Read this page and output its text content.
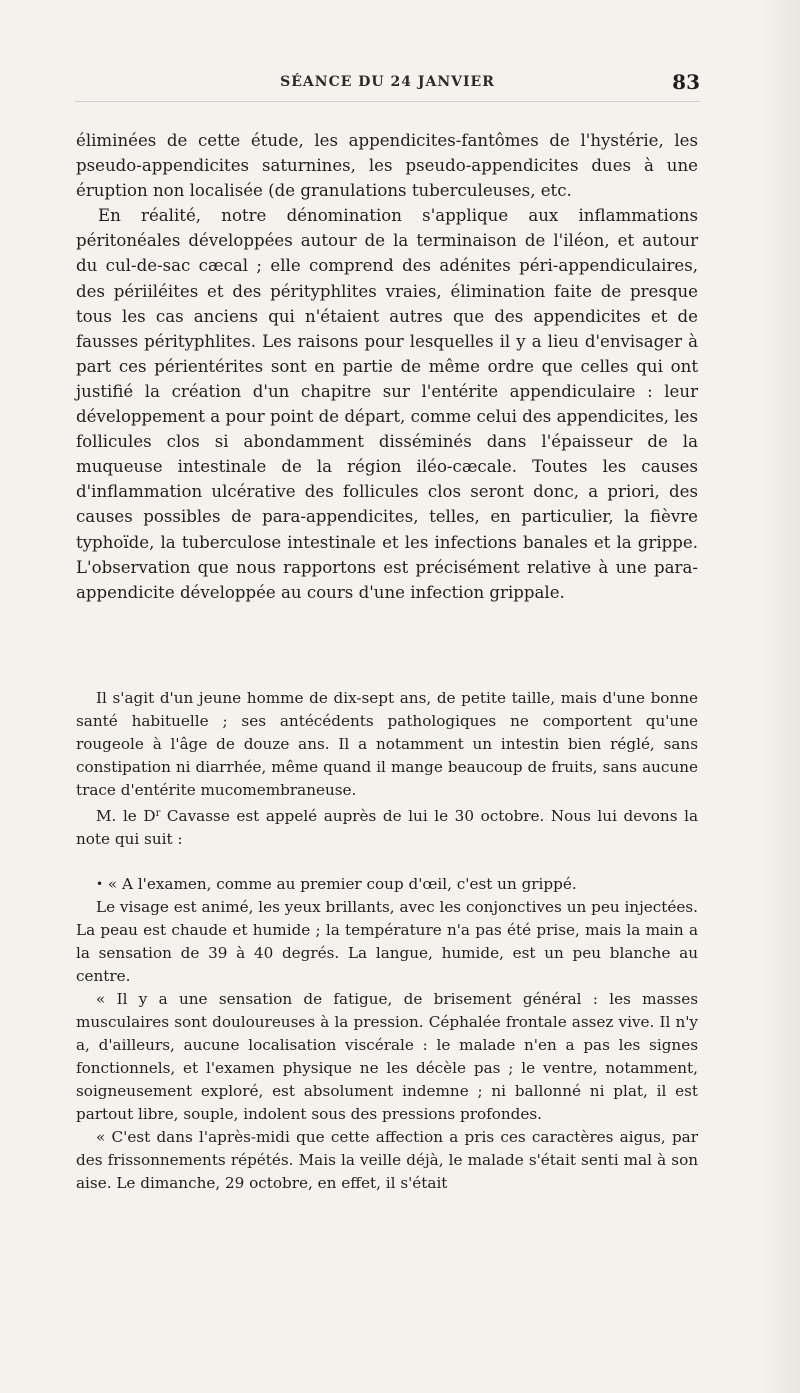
SÉANCE DU 24 JANVIER	83

éliminées de cette étude, les appendicites-fantômes de l'hystérie, les pseudo-appendicites saturnines, les pseudo-appendicites dues à une éruption non localisée (de granulations tuberculeuses, etc.

En réalité, notre dénomination s'applique aux inflammations péritonéales développées autour de la terminaison de l'iléon, et autour du cul-de-sac cæcal ; elle comprend des adénites péri-appendiculaires, des périiléites et des pérityphlites vraies, élimination faite de presque tous les cas anciens qui n'étaient autres que des appendicites et de fausses pérityphlites. Les raisons pour lesquelles il y a lieu d'envisager à part ces périentérites sont en partie de même ordre que celles qui ont justifié la création d'un chapitre sur l'entérite appendiculaire : leur développement a pour point de départ, comme celui des appendicites, les follicules clos si abondamment disséminés dans l'épaisseur de la muqueuse intestinale de la région iléo-cæcale. Toutes les causes d'inflammation ulcérative des follicules clos seront donc, a priori, des causes possibles de para-appendicites, telles, en particulier, la fièvre typhoïde, la tuberculose intestinale et les infections banales et la grippe. L'observation que nous rapportons est précisément relative à une para-appendicite développée au cours d'une infection grippale.

Il s'agit d'un jeune homme de dix-sept ans, de petite taille, mais d'une bonne santé habituelle ; ses antécédents pathologiques ne comportent qu'une rougeole à l'âge de douze ans. Il a notamment un intestin bien réglé, sans constipation ni diarrhée, même quand il mange beaucoup de fruits, sans aucune trace d'entérite mucomembraneuse.

M. le $D^r$ Cavasse est appelé auprès de lui le 30 octobre. Nous lui devons la note qui suit :

• « A l'examen, comme au premier coup d'œil, c'est un grippé.

Le visage est animé, les yeux brillants, avec les conjonctives un peu injectées. La peau est chaude et humide ; la température n'a pas été prise, mais la main a la sensation de 39 à 40 degrés. La langue, humide, est un peu blanche au centre.

« Il y a une sensation de fatigue, de brisement général : les masses musculaires sont douloureuses à la pression. Céphalée frontale assez vive. Il n'y a, d'ailleurs, aucune localisation viscérale : le malade n'en a pas les signes fonctionnels, et l'examen physique ne les décèle pas ; le ventre, notamment, soigneusement exploré, est absolument indemne ; ni ballonné ni plat, il est partout libre, souple, indolent sous des pressions profondes.

« C'est dans l'après-midi que cette affection a pris ces caractères aigus, par des frissonnements répétés. Mais la veille déjà, le malade s'était senti mal à son aise. Le dimanche, 29 octobre, en effet, il s'était
